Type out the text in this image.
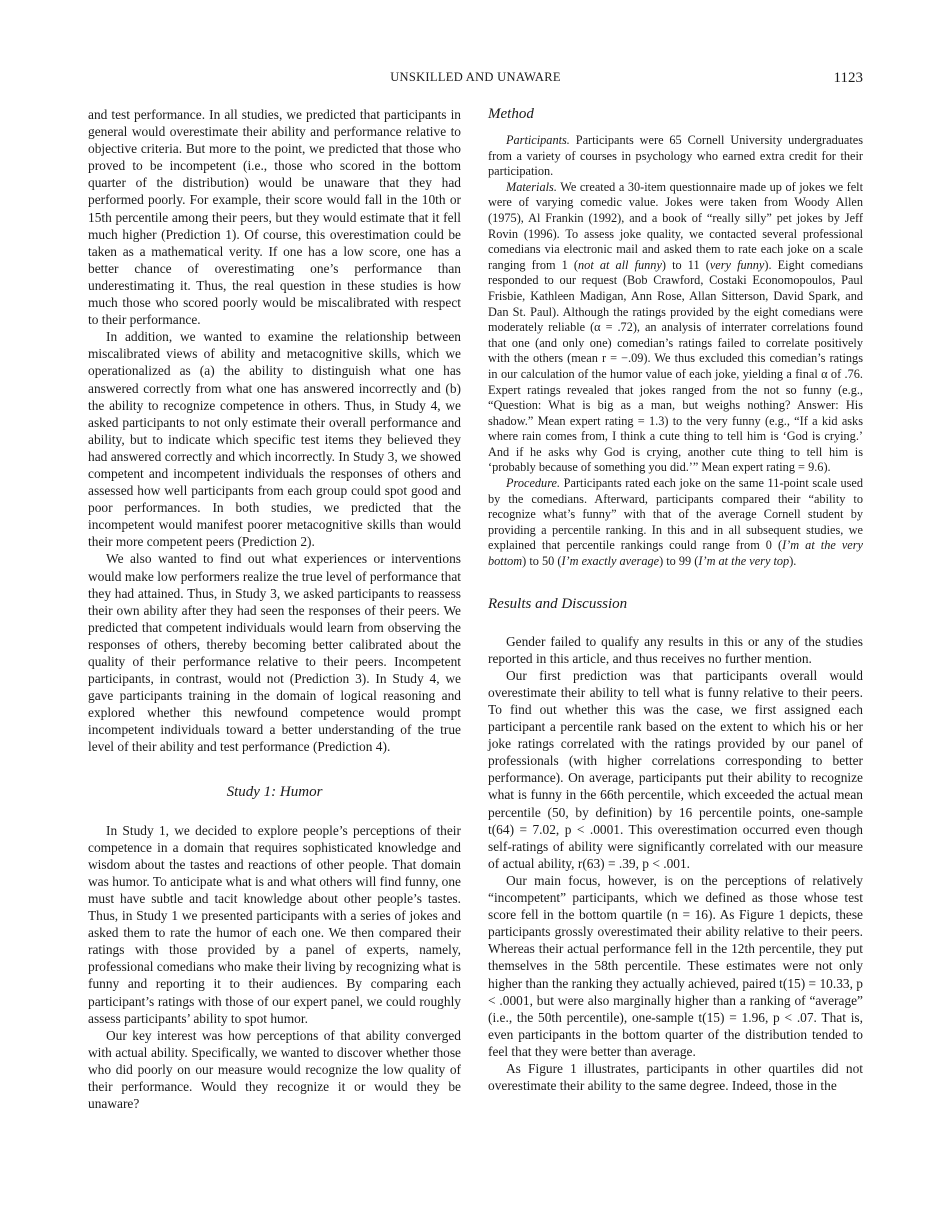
UNSKILLED AND UNAWARE	1123

and test performance. In all studies, we predicted that participants in general would overestimate their ability and performance relative to objective criteria. But more to the point, we predicted that those who proved to be incompetent (i.e., those who scored in the bottom quarter of the distribution) would be unaware that they had performed poorly. For example, their score would fall in the 10th or 15th percentile among their peers, but they would estimate that it fell much higher (Prediction 1). Of course, this overestimation could be taken as a mathematical verity. If one has a low score, one has a better chance of overestimating one’s performance than underestimating it. Thus, the real question in these studies is how much those who scored poorly would be miscalibrated with respect to their performance.

In addition, we wanted to examine the relationship between miscalibrated views of ability and metacognitive skills, which we operationalized as (a) the ability to distinguish what one has answered correctly from what one has answered incorrectly and (b) the ability to recognize competence in others. Thus, in Study 4, we asked participants to not only estimate their overall performance and ability, but to indicate which specific test items they believed they had answered correctly and which incorrectly. In Study 3, we showed competent and incompetent individuals the responses of others and assessed how well participants from each group could spot good and poor performances. In both studies, we predicted that the incompetent would manifest poorer metacognitive skills than would their more competent peers (Prediction 2).

We also wanted to find out what experiences or interventions would make low performers realize the true level of performance that they had attained. Thus, in Study 3, we asked participants to reassess their own ability after they had seen the responses of their peers. We predicted that competent individuals would learn from observing the responses of others, thereby becoming better calibrated about the quality of their performance relative to their peers. Incompetent participants, in contrast, would not (Prediction 3). In Study 4, we gave participants training in the domain of logical reasoning and explored whether this newfound competence would prompt incompetent individuals toward a better understanding of the true level of their ability and test performance (Prediction 4).

Study 1: Humor

In Study 1, we decided to explore people’s perceptions of their competence in a domain that requires sophisticated knowledge and wisdom about the tastes and reactions of other people. That domain was humor. To anticipate what is and what others will find funny, one must have subtle and tacit knowledge about other people’s tastes. Thus, in Study 1 we presented participants with a series of jokes and asked them to rate the humor of each one. We then compared their ratings with those provided by a panel of experts, namely, professional comedians who make their living by recognizing what is funny and reporting it to their audiences. By comparing each participant’s ratings with those of our expert panel, we could roughly assess participants’ ability to spot humor.

Our key interest was how perceptions of that ability converged with actual ability. Specifically, we wanted to discover whether those who did poorly on our measure would recognize the low quality of their performance. Would they recognize it or would they be unaware?

Method

Participants. Participants were 65 Cornell University undergraduates from a variety of courses in psychology who earned extra credit for their participation.

Materials. We created a 30-item questionnaire made up of jokes we felt were of varying comedic value. Jokes were taken from Woody Allen (1975), Al Frankin (1992), and a book of “really silly” pet jokes by Jeff Rovin (1996). To assess joke quality, we contacted several professional comedians via electronic mail and asked them to rate each joke on a scale ranging from 1 (not at all funny) to 11 (very funny). Eight comedians responded to our request (Bob Crawford, Costaki Economopoulos, Paul Frisbie, Kathleen Madigan, Ann Rose, Allan Sitterson, David Spark, and Dan St. Paul). Although the ratings provided by the eight comedians were moderately reliable (α = .72), an analysis of interrater correlations found that one (and only one) comedian’s ratings failed to correlate positively with the others (mean r = −.09). We thus excluded this comedian’s ratings in our calculation of the humor value of each joke, yielding a final α of .76. Expert ratings revealed that jokes ranged from the not so funny (e.g., “Question: What is big as a man, but weighs nothing? Answer: His shadow.” Mean expert rating = 1.3) to the very funny (e.g., “If a kid asks where rain comes from, I think a cute thing to tell him is ‘God is crying.’ And if he asks why God is crying, another cute thing to tell him is ‘probably because of something you did.’” Mean expert rating = 9.6).

Procedure. Participants rated each joke on the same 11-point scale used by the comedians. Afterward, participants compared their “ability to recognize what’s funny” with that of the average Cornell student by providing a percentile ranking. In this and in all subsequent studies, we explained that percentile rankings could range from 0 (I’m at the very bottom) to 50 (I’m exactly average) to 99 (I’m at the very top).

Results and Discussion

Gender failed to qualify any results in this or any of the studies reported in this article, and thus receives no further mention.

Our first prediction was that participants overall would overestimate their ability to tell what is funny relative to their peers. To find out whether this was the case, we first assigned each participant a percentile rank based on the extent to which his or her joke ratings correlated with the ratings provided by our panel of professionals (with higher correlations corresponding to better performance). On average, participants put their ability to recognize what is funny in the 66th percentile, which exceeded the actual mean percentile (50, by definition) by 16 percentile points, one-sample t(64) = 7.02, p < .0001. This overestimation occurred even though self-ratings of ability were significantly correlated with our measure of actual ability, r(63) = .39, p < .001.

Our main focus, however, is on the perceptions of relatively “incompetent” participants, which we defined as those whose test score fell in the bottom quartile (n = 16). As Figure 1 depicts, these participants grossly overestimated their ability relative to their peers. Whereas their actual performance fell in the 12th percentile, they put themselves in the 58th percentile. These estimates were not only higher than the ranking they actually achieved, paired t(15) = 10.33, p < .0001, but were also marginally higher than a ranking of “average” (i.e., the 50th percentile), one-sample t(15) = 1.96, p < .07. That is, even participants in the bottom quarter of the distribution tended to feel that they were better than average.

As Figure 1 illustrates, participants in other quartiles did not overestimate their ability to the same degree. Indeed, those in the
